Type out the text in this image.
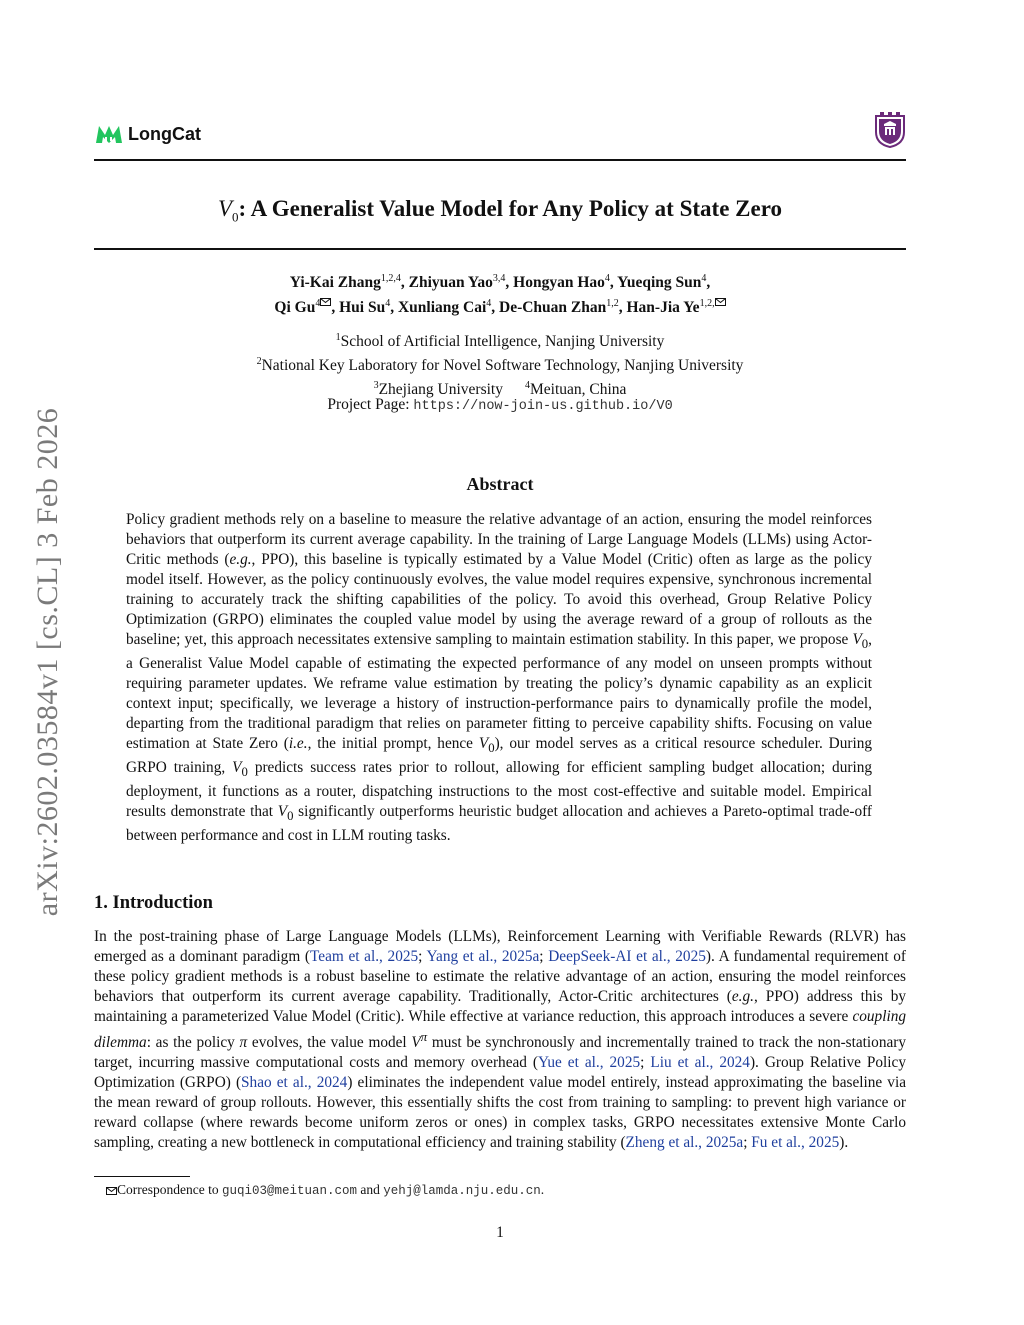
arXiv:2602.03584v1 [cs.CL] 3 Feb 2026
LongCat
$V_0$: A Generalist Value Model for Any Policy at State Zero
Yi-Kai Zhang$^{1,2,4}$, Zhiyuan Yao$^{3,4}$, Hongyan Hao$^4$, Yueqing Sun$^4$,
Qi Gu$^4$ , Hui Su$^4$, Xunliang Cai$^4$, De-Chuan Zhan$^{1,2}$, Han-Jia $Ye^{1,2,}$
$^1$School of Artificial Intelligence, Nanjing University
$^2$National Key Laboratory for Novel Software Technology, Nanjing University
$^3$Zhejiang University $^4$Meituan, China
Project Page: https://now-join-us.github.io/V0
Abstract
Policy gradient methods rely on a baseline to measure the relative advantage of an action, ensuring the model reinforces behaviors that outperform its current average capability. In the training of Large Language Models (LLMs) using Actor-Critic methods (e.g., PPO), this baseline is typically estimated by a Value Model (Critic) often as large as the policy model itself. However, as the policy continuously evolves, the value model requires expensive, synchronous incremental training to accurately track the shifting capabilities of the policy. To avoid this overhead, Group Relative Policy Optimization (GRPO) eliminates the coupled value model by using the average reward of a group of rollouts as the baseline; yet, this approach necessitates extensive sampling to maintain estimation stability. In this paper, we propose $V_0$, a Generalist Value Model capable of estimating the expected performance of any model on unseen prompts without requiring parameter updates. We reframe value estimation by treating the policy’s dynamic capability as an explicit context input; specifically, we leverage a history of instruction-performance pairs to dynamically profile the model, departing from the traditional paradigm that relies on parameter fitting to perceive capability shifts. Focusing on value estimation at State Zero (i.e., the initial prompt, hence $V_0$), our model serves as a critical resource scheduler. During GRPO training, $V_0$ predicts success rates prior to rollout, allowing for efficient sampling budget allocation; during deployment, it functions as a router, dispatching instructions to the most cost-effective and suitable model. Empirical results demonstrate that $V_0$ significantly outperforms heuristic budget allocation and achieves a Pareto-optimal trade-off between performance and cost in LLM routing tasks.
1. Introduction
In the post-training phase of Large Language Models (LLMs), Reinforcement Learning with Verifiable Rewards (RLVR) has emerged as a dominant paradigm (Team et al., 2025; Yang et al., 2025a; DeepSeek-AI et al., 2025). A fundamental requirement of these policy gradient methods is a robust baseline to estimate the relative advantage of an action, ensuring the model reinforces behaviors that outperform its current average capability. Traditionally, Actor-Critic architectures (e.g., PPO) address this by maintaining a parameterized Value Model (Critic). While effective at variance reduction, this approach introduces a severe coupling dilemma: as the policy π evolves, the value model $V^\pi$ must be synchronously and incrementally trained to track the non-stationary target, incurring massive computational costs and memory overhead (Yue et al., 2025; Liu et al., 2024). Group Relative Policy Optimization (GRPO) (Shao et al., 2024) eliminates the independent value model entirely, instead approximating the baseline via the mean reward of group rollouts. However, this essentially shifts the cost from training to sampling: to prevent high variance or reward collapse (where rewards become uniform zeros or ones) in complex tasks, GRPO necessitates extensive Monte Carlo sampling, creating a new bottleneck in computational efficiency and training stability (Zheng et al., 2025a; Fu et al., 2025).
Correspondence to guqi03@meituan.com and yehj@lamda.nju.edu.cn.
1
